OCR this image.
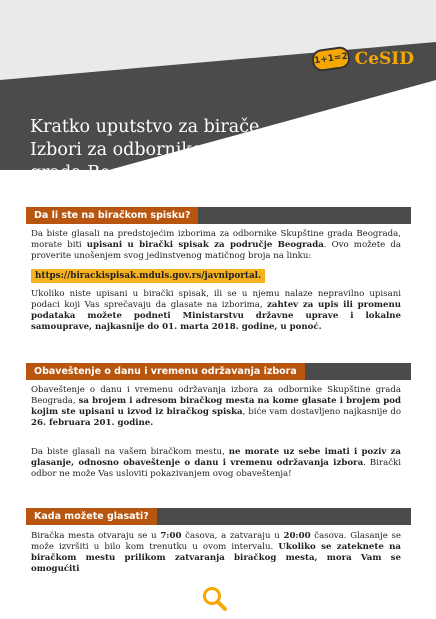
1+1=2 CeSID
Kratko uputstvo za birače
Izbori za odbornike Skupštine
grada Beograda (04.03.2018.)
Da li ste na biračkom spisku?
Da biste glasali na predstojećim izborima za odbornike Skupštine grada Beograda, morate biti upisani u birački spisak za područje Beograda. Ovo možete da proverite unošenjem svog jedinstvenog matičnog broja na linku:
https://birackispisak.mduls.gov.rs/javniportal.
Ukoliko niste upisani u birački spisak, ili se u njemu nalaze nepravilno upisani podaci koji Vas sprečavaju da glasate na izborima, zahtev za upis ili promenu podataka možete podneti Ministarstvu državne uprave i lokalne samouprave, najkasnije do 01. marta 2018. godine, u ponoć.
Obaveštenje o danu i vremenu održavanja izbora
Obaveštenje o danu i vremenu održavanja izbora za odbornike Skupštine grada Beograda, sa brojem i adresom biračkog mesta na kome glasate i brojem pod kojim ste upisani u izvod iz biračkog spiska, biće vam dostavljeno najkasnije do 26. februara 201. godine.
Da biste glasali na vašem biračkom mestu, ne morate uz sebe imati i poziv za glasanje, odnosno obaveštenje o danu i vremenu održavanja izbora. Birački odbor ne može Vas usloviti pokazivanjem ovog obaveštenja!
Kada možete glasati?
Biračka mesta otvaraju se u 7:00 časova, a zatvaraju u 20:00 časova. Glasanje se može izvršiti u bilo kom trenutku u ovom intervalu. Ukoliko se zateknete na biračkom mestu prilikom zatvaranja biračkog mesta, mora Vam se omogućiti
